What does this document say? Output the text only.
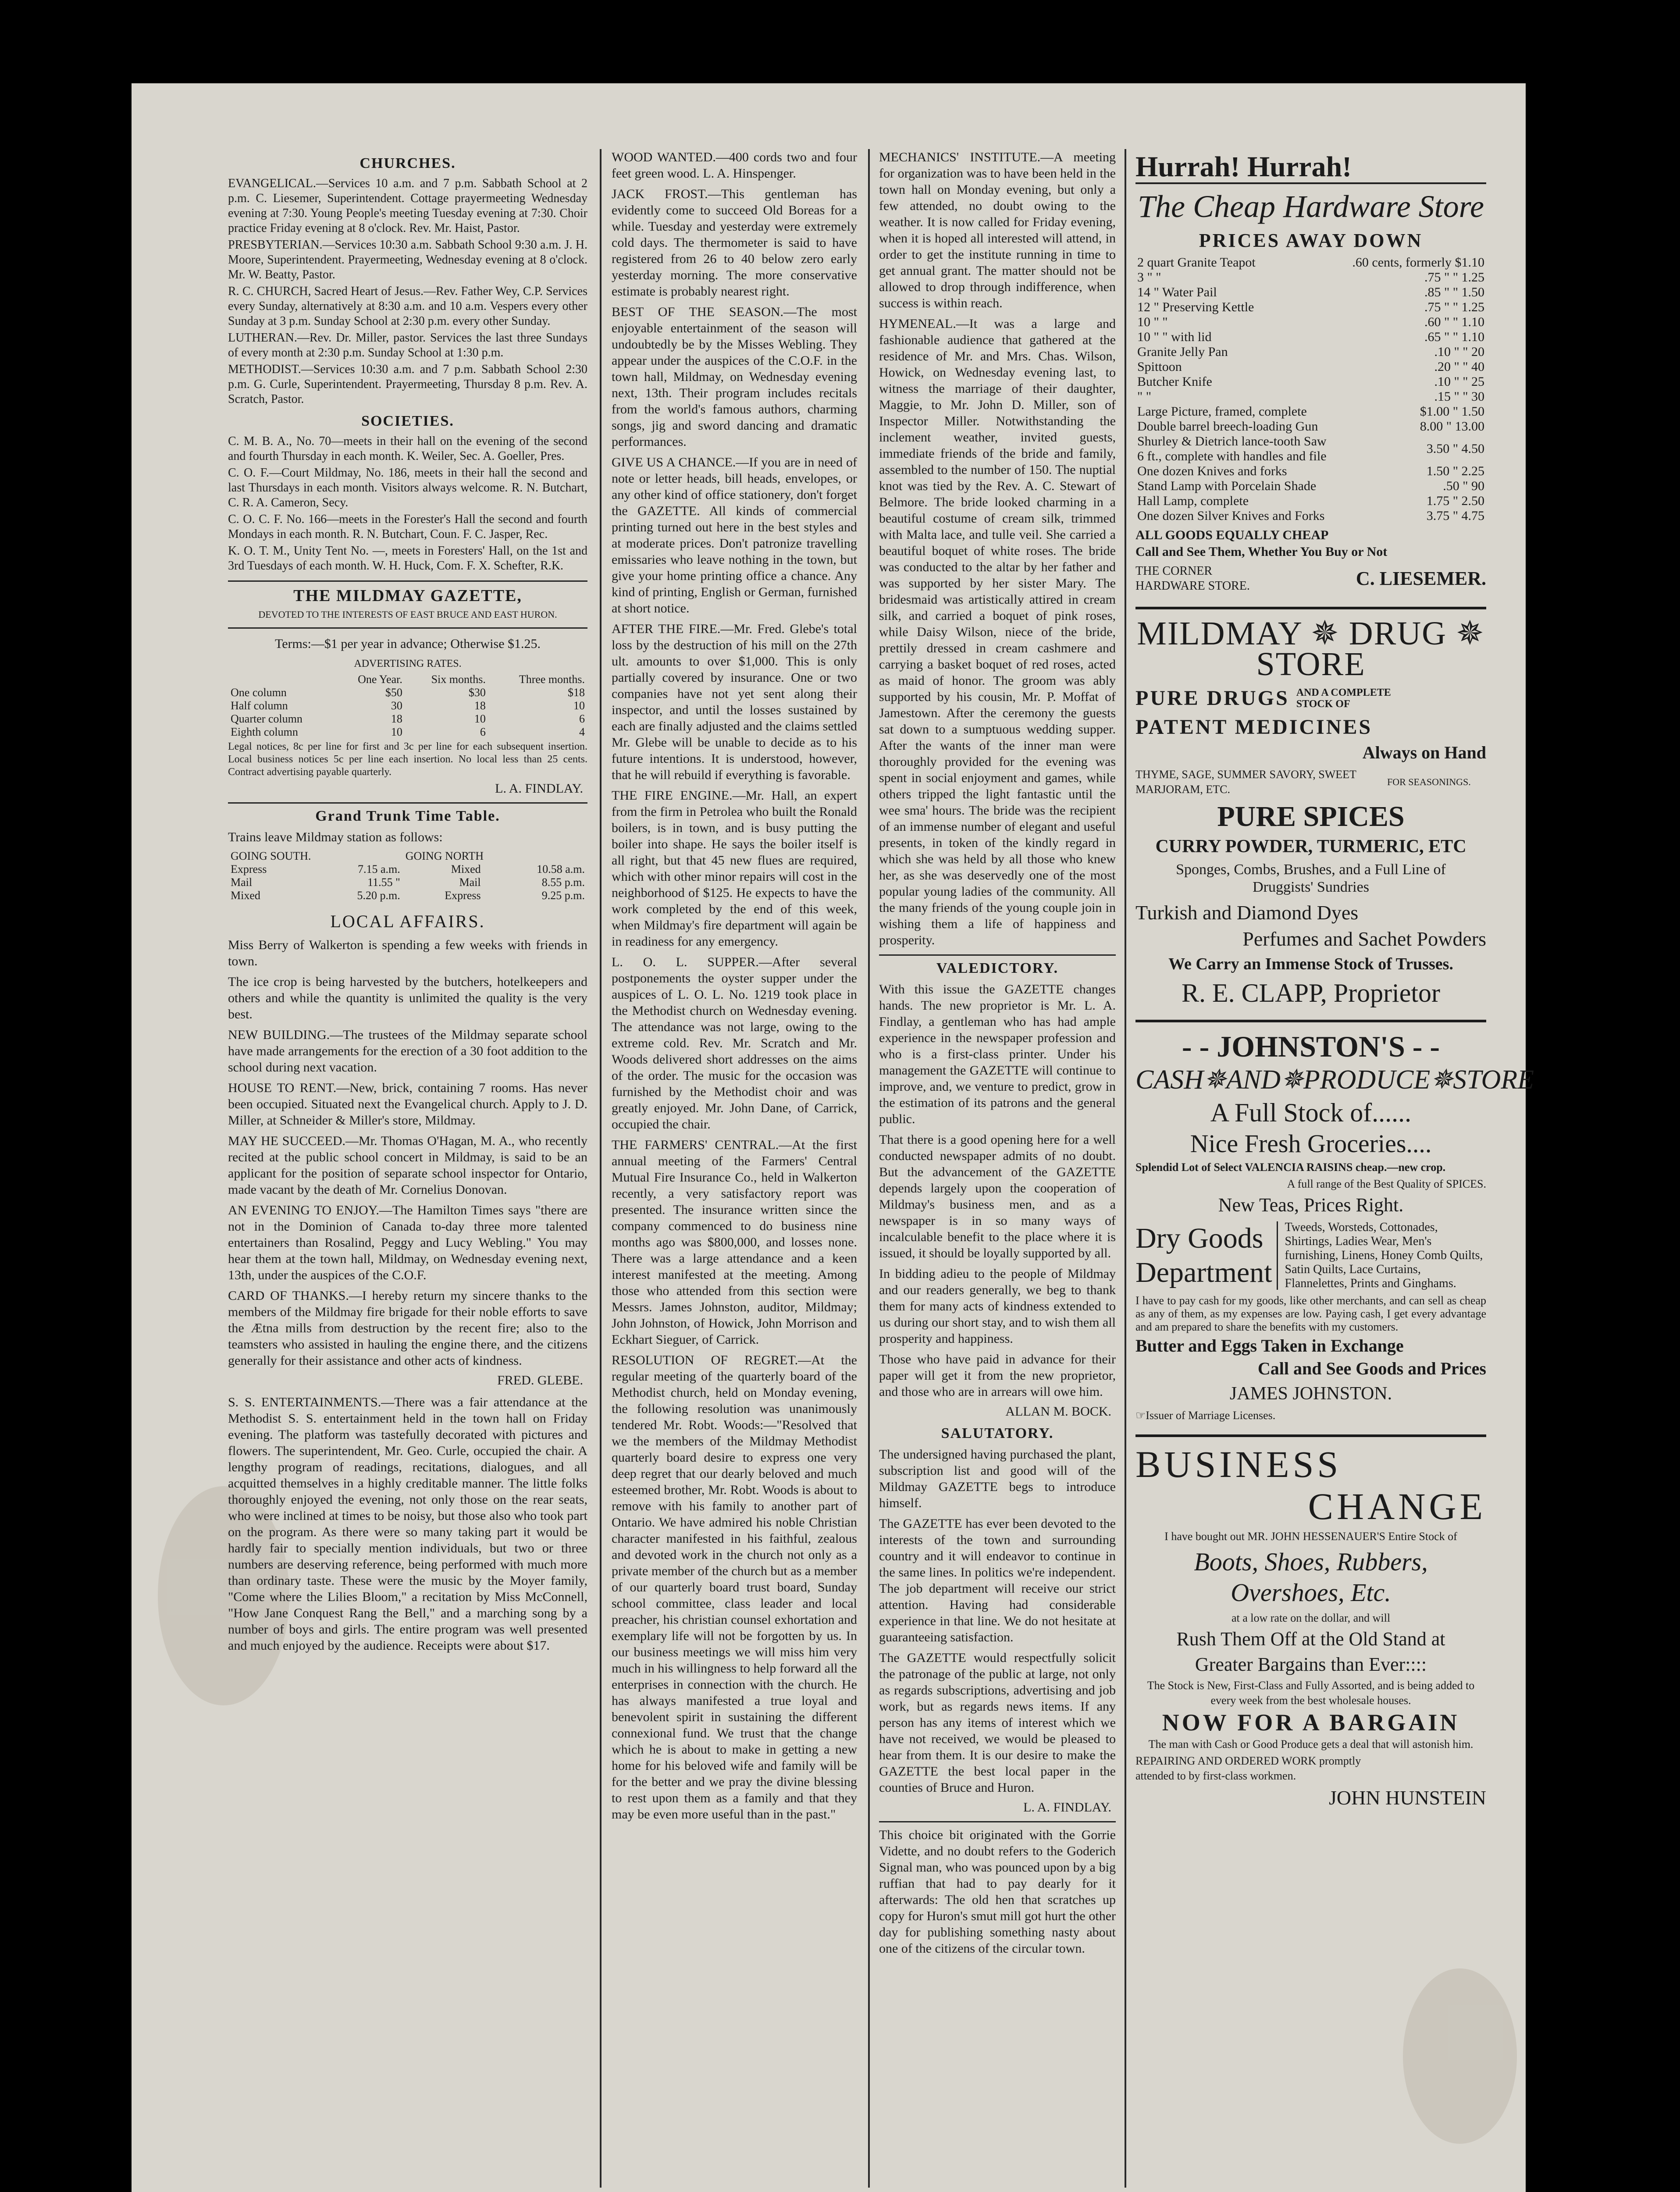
CHURCHES.

EVANGELICAL.—Services 10 a.m. and 7 p.m. Sabbath School at 2 p.m. C. Liesemer, Superintendent. Cottage prayermeeting Wednesday evening at 7:30. Young People's meeting Tuesday evening at 7:30. Choir practice Friday evening at 8 o'clock. Rev. Mr. Haist, Pastor.

PRESBYTERIAN.—Services 10:30 a.m. Sabbath School 9:30 a.m. J. H. Moore, Superintendent. Prayermeeting, Wednesday evening at 8 o'clock. Mr. W. Beatty, Pastor.

R. C. CHURCH, Sacred Heart of Jesus.—Rev. Father Wey, C.P. Services every Sunday, alternatively at 8:30 a.m. and 10 a.m. Vespers every other Sunday at 3 p.m. Sunday School at 2:30 p.m. every other Sunday.

LUTHERAN.—Rev. Dr. Miller, pastor. Services the last three Sundays of every month at 2:30 p.m. Sunday School at 1:30 p.m.

METHODIST.—Services 10:30 a.m. and 7 p.m. Sabbath School 2:30 p.m. G. Curle, Superintendent. Prayermeeting, Thursday 8 p.m. Rev. A. Scratch, Pastor.

SOCIETIES.

C. M. B. A., No. 70—meets in their hall on the evening of the second and fourth Thursday in each month. K. Weiler, Sec. A. Goeller, Pres.

C. O. F.—Court Mildmay, No. 186, meets in their hall the second and last Thursdays in each month. Visitors always welcome. R. N. Butchart, C. R. A. Cameron, Secy.

C. O. C. F. No. 166—meets in the Forester's Hall the second and fourth Mondays in each month. R. N. Butchart, Coun. F. C. Jasper, Rec.

K. O. T. M., Unity Tent No. —, meets in Foresters' Hall, on the 1st and 3rd Tuesdays of each month. W. H. Huck, Com. F. X. Schefter, R.K.

THE MILDMAY GAZETTE,
DEVOTED TO THE INTERESTS OF EAST BRUCE AND EAST HURON.

Terms:—$1 per year in advance; Otherwise $1.25.

ADVERTISING RATES.
	One Year.	Six months.	Three months.
One column	$50	$30	$18
Half column	30	18	10
Quarter column	18	10	6
Eighth column	10	6	4

Legal notices, 8c per line for first and 3c per line for each subsequent insertion. Local business notices 5c per line each insertion. No local less than 25 cents. Contract advertising payable quarterly.

L. A. FINDLAY.
Grand Trunk Time Table.

Trains leave Mildmay station as follows:

GOING SOUTH.		GOING NORTH	
Express	7.15 a.m.	Mixed	10.58 a.m.
Mail	11.55 "	Mail	8.55 p.m.
Mixed	5.20 p.m.	Express	9.25 p.m.
LOCAL AFFAIRS.

Miss Berry of Walkerton is spending a few weeks with friends in town.

The ice crop is being harvested by the butchers, hotelkeepers and others and while the quantity is unlimited the quality is the very best.

NEW BUILDING.—The trustees of the Mildmay separate school have made arrangements for the erection of a 30 foot addition to the school during next vacation.

HOUSE TO RENT.—New, brick, containing 7 rooms. Has never been occupied. Situated next the Evangelical church. Apply to J. D. Miller, at Schneider & Miller's store, Mildmay.

MAY HE SUCCEED.—Mr. Thomas O'Hagan, M. A., who recently recited at the public school concert in Mildmay, is said to be an applicant for the position of separate school inspector for Ontario, made vacant by the death of Mr. Cornelius Donovan.

AN EVENING TO ENJOY.—The Hamilton Times says "there are not in the Dominion of Canada to-day three more talented entertainers than Rosalind, Peggy and Lucy Webling." You may hear them at the town hall, Mildmay, on Wednesday evening next, 13th, under the auspices of the C.O.F.

CARD OF THANKS.—I hereby return my sincere thanks to the members of the Mildmay fire brigade for their noble efforts to save the Ætna mills from destruction by the recent fire; also to the teamsters who assisted in hauling the engine there, and the citizens generally for their assistance and other acts of kindness.

FRED. GLEBE.

S. S. ENTERTAINMENTS.—There was a fair attendance at the Methodist S. S. entertainment held in the town hall on Friday evening. The platform was tastefully decorated with pictures and flowers. The superintendent, Mr. Geo. Curle, occupied the chair. A lengthy program of readings, recitations, dialogues, and all acquitted themselves in a highly creditable manner. The little folks thoroughly enjoyed the evening, not only those on the rear seats, who were inclined at times to be noisy, but those also who took part on the program. As there were so many taking part it would be hardly fair to specially mention individuals, but two or three numbers are deserving reference, being performed with much more than ordinary taste. These were the music by the Moyer family, "Come where the Lilies Bloom," a recitation by Miss McConnell, "How Jane Conquest Rang the Bell," and a marching song by a number of boys and girls. The entire program was well presented and much enjoyed by the audience. Receipts were about $17.

WOOD WANTED.—400 cords two and four feet green wood. L. A. Hinspenger.

JACK FROST.—This gentleman has evidently come to succeed Old Boreas for a while. Tuesday and yesterday were extremely cold days. The thermometer is said to have registered from 26 to 40 below zero early yesterday morning. The more conservative estimate is probably nearest right.

BEST OF THE SEASON.—The most enjoyable entertainment of the season will undoubtedly be by the Misses Webling. They appear under the auspices of the C.O.F. in the town hall, Mildmay, on Wednesday evening next, 13th. Their program includes recitals from the world's famous authors, charming songs, jig and sword dancing and dramatic performances.

GIVE US A CHANCE.—If you are in need of note or letter heads, bill heads, envelopes, or any other kind of office stationery, don't forget the GAZETTE. All kinds of commercial printing turned out here in the best styles and at moderate prices. Don't patronize travelling emissaries who leave nothing in the town, but give your home printing office a chance. Any kind of printing, English or German, furnished at short notice.

AFTER THE FIRE.—Mr. Fred. Glebe's total loss by the destruction of his mill on the 27th ult. amounts to over $1,000. This is only partially covered by insurance. One or two companies have not yet sent along their inspector, and until the losses sustained by each are finally adjusted and the claims settled Mr. Glebe will be unable to decide as to his future intentions. It is understood, however, that he will rebuild if everything is favorable.

THE FIRE ENGINE.—Mr. Hall, an expert from the firm in Petrolea who built the Ronald boilers, is in town, and is busy putting the boiler into shape. He says the boiler itself is all right, but that 45 new flues are required, which with other minor repairs will cost in the neighborhood of $125. He expects to have the work completed by the end of this week, when Mildmay's fire department will again be in readiness for any emergency.

L. O. L. SUPPER.—After several postponements the oyster supper under the auspices of L. O. L. No. 1219 took place in the Methodist church on Wednesday evening. The attendance was not large, owing to the extreme cold. Rev. Mr. Scratch and Mr. Woods delivered short addresses on the aims of the order. The music for the occasion was furnished by the Methodist choir and was greatly enjoyed. Mr. John Dane, of Carrick, occupied the chair.

THE FARMERS' CENTRAL.—At the first annual meeting of the Farmers' Central Mutual Fire Insurance Co., held in Walkerton recently, a very satisfactory report was presented. The insurance written since the company commenced to do business nine months ago was $800,000, and losses none. There was a large attendance and a keen interest manifested at the meeting. Among those who attended from this section were Messrs. James Johnston, auditor, Mildmay; John Johnston, of Howick, John Morrison and Eckhart Sieguer, of Carrick.

RESOLUTION OF REGRET.—At the regular meeting of the quarterly board of the Methodist church, held on Monday evening, the following resolution was unanimously tendered Mr. Robt. Woods:—"Resolved that we the members of the Mildmay Methodist quarterly board desire to express one very deep regret that our dearly beloved and much esteemed brother, Mr. Robt. Woods is about to remove with his family to another part of Ontario. We have admired his noble Christian character manifested in his faithful, zealous and devoted work in the church not only as a private member of the church but as a member of our quarterly board trust board, Sunday school committee, class leader and local preacher, his christian counsel exhortation and exemplary life will not be forgotten by us. In our business meetings we will miss him very much in his willingness to help forward all the enterprises in connection with the church. He has always manifested a true loyal and benevolent spirit in sustaining the different connexional fund. We trust that the change which he is about to make in getting a new home for his beloved wife and family will be for the better and we pray the divine blessing to rest upon them as a family and that they may be even more useful than in the past."

MECHANICS' INSTITUTE.—A meeting for organization was to have been held in the town hall on Monday evening, but only a few attended, no doubt owing to the weather. It is now called for Friday evening, when it is hoped all interested will attend, in order to get the institute running in time to get annual grant. The matter should not be allowed to drop through indifference, when success is within reach.

HYMENEAL.—It was a large and fashionable audience that gathered at the residence of Mr. and Mrs. Chas. Wilson, Howick, on Wednesday evening last, to witness the marriage of their daughter, Maggie, to Mr. John D. Miller, son of Inspector Miller. Notwithstanding the inclement weather, invited guests, immediate friends of the bride and family, assembled to the number of 150. The nuptial knot was tied by the Rev. A. C. Stewart of Belmore. The bride looked charming in a beautiful costume of cream silk, trimmed with Malta lace, and tulle veil. She carried a beautiful boquet of white roses. The bride was conducted to the altar by her father and was supported by her sister Mary. The bridesmaid was artistically attired in cream silk, and carried a boquet of pink roses, while Daisy Wilson, niece of the bride, prettily dressed in cream cashmere and carrying a basket boquet of red roses, acted as maid of honor. The groom was ably supported by his cousin, Mr. P. Moffat of Jamestown. After the ceremony the guests sat down to a sumptuous wedding supper. After the wants of the inner man were thoroughly provided for the evening was spent in social enjoyment and games, while others tripped the light fantastic until the wee sma' hours. The bride was the recipient of an immense number of elegant and useful presents, in token of the kindly regard in which she was held by all those who knew her, as she was deservedly one of the most popular young ladies of the community. All the many friends of the young couple join in wishing them a life of happiness and prosperity.

VALEDICTORY.

With this issue the GAZETTE changes hands. The new proprietor is Mr. L. A. Findlay, a gentleman who has had ample experience in the newspaper profession and who is a first-class printer. Under his management the GAZETTE will continue to improve, and, we venture to predict, grow in the estimation of its patrons and the general public.

That there is a good opening here for a well conducted newspaper admits of no doubt. But the advancement of the GAZETTE depends largely upon the cooperation of Mildmay's business men, and as a newspaper is in so many ways of incalculable benefit to the place where it is issued, it should be loyally supported by all.

In bidding adieu to the people of Mildmay and our readers generally, we beg to thank them for many acts of kindness extended to us during our short stay, and to wish them all prosperity and happiness.

Those who have paid in advance for their paper will get it from the new proprietor, and those who are in arrears will owe him.

ALLAN M. BOCK.
SALUTATORY.

The undersigned having purchased the plant, subscription list and good will of the Mildmay GAZETTE begs to introduce himself.

The GAZETTE has ever been devoted to the interests of the town and surrounding country and it will endeavor to continue in the same lines. In politics we're independent. The job department will receive our strict attention. Having had considerable experience in that line. We do not hesitate at guaranteeing satisfaction.

The GAZETTE would respectfully solicit the patronage of the public at large, not only as regards subscriptions, advertising and job work, but as regards news items. If any person has any items of interest which we have not received, we would be pleased to hear from them. It is our desire to make the GAZETTE the best local paper in the counties of Bruce and Huron.

L. A. FINDLAY.

This choice bit originated with the Gorrie Vidette, and no doubt refers to the Goderich Signal man, who was pounced upon by a big ruffian that had to pay dearly for it afterwards: The old hen that scratches up copy for Huron's smut mill got hurt the other day for publishing something nasty about one of the citizens of the circular town.

Hurrah! Hurrah!
The Cheap Hardware Store
PRICES AWAY DOWN
2 quart Granite Teapot	.60 cents, formerly $1.10
3 " "	.75 " " 1.25
14 " Water Pail	.85 " " 1.50
12 " Preserving Kettle	.75 " " 1.25
10 " "	.60 " " 1.10
10 " " with lid	.65 " " 1.10
Granite Jelly Pan	.10 " " 20
Spittoon	.20 " " 40
Butcher Knife	.10 " " 25
" "	.15 " " 30
Large Picture, framed, complete	$1.00 " 1.50
Double barrel breech-loading Gun	8.00 " 13.00
Shurley & Dietrich lance-tooth Saw 6 ft., complete with handles and file	3.50 " 4.50
One dozen Knives and forks	1.50 " 2.25
Stand Lamp with Porcelain Shade	.50 " 90
Hall Lamp, complete	1.75 " 2.50
One dozen Silver Knives and Forks	3.75 " 4.75
ALL GOODS EQUALLY CHEAP
Call and See Them, Whether You Buy or Not
THE CORNER HARDWARE STORE.	C. LIESEMER.
MILDMAY ✵ DRUG ✵ STORE
PURE DRUGS AND A COMPLETE STOCK OF
PATENT MEDICINES
Always on Hand
THYME, SAGE, SUMMER SAVORY, SWEET MARJORAM, ETC.
FOR SEASONINGS.
PURE SPICES
CURRY POWDER, TURMERIC, ETC
Sponges, Combs, Brushes, and a Full Line of Druggists' Sundries
Turkish and Diamond Dyes
Perfumes and Sachet Powders
We Carry an Immense Stock of Trusses.
R. E. CLAPP, Proprietor
- - JOHNSTON'S - -
CASH✵AND✵PRODUCE✵STORE
A Full Stock of......
Nice Fresh Groceries....
Splendid Lot of Select VALENCIA RAISINS cheap.—new crop.
A full range of the Best Quality of SPICES.
New Teas, Prices Right.
Dry Goods Department
Tweeds, Worsteds, Cottonades, Shirtings, Ladies Wear, Men's furnishing, Linens, Honey Comb Quilts, Satin Quilts, Lace Curtains, Flannelettes, Prints and Ginghams.

I have to pay cash for my goods, like other merchants, and can sell as cheap as any of them, as my expenses are low. Paying cash, I get every advantage and am prepared to share the benefits with my customers.

Butter and Eggs Taken in Exchange
Call and See Goods and Prices
JAMES JOHNSTON.
☞Issuer of Marriage Licenses.
BUSINESS
CHANGE
I have bought out MR. JOHN HESSENAUER'S Entire Stock of
Boots, Shoes, Rubbers, Overshoes, Etc.
at a low rate on the dollar, and will
Rush Them Off at the Old Stand at
Greater Bargains than Ever::::
The Stock is New, First-Class and Fully Assorted, and is being added to every week from the best wholesale houses.
NOW FOR A BARGAIN
The man with Cash or Good Produce gets a deal that will astonish him.
REPAIRING AND ORDERED WORK promptly attended to by first-class workmen.
JOHN HUNSTEIN
